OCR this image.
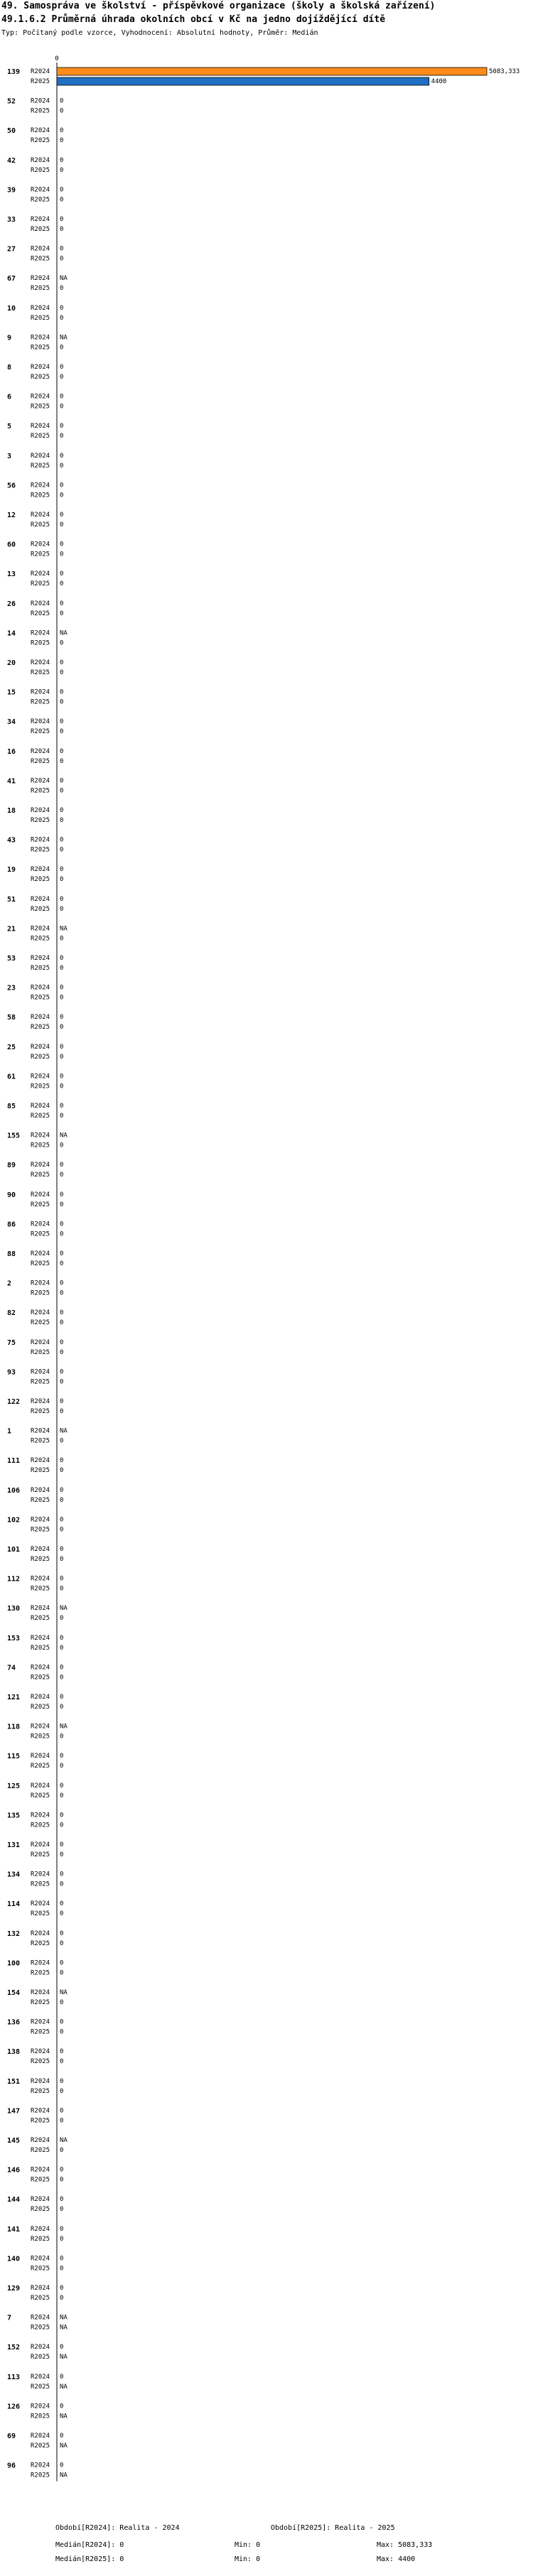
49. Samospráva ve školství - příspěvkové organizace (školy a školská zařízení)
49.1.6.2 Průměrná úhrada okolních obcí v Kč na jedno dojíždějící dítě
Typ: Počítaný podle vzorce, Vyhodnocení: Absolutní hodnoty, Průměr: Medián
0
139 R2024	5083,333
R2025	4400
52 R2024 0
R2025 0
50 R2024 0
R2025 0
42 R2024 0
R2025 0
39 R2024 0
R2025 0
33 R2024 0
R2025 0
27 R2024 0
R2025 0
67 R2024 NA
R2025 0
10 R2024 0
R2025 0
9	R2024 NA
R2025 0
8	R2024 0
R2025 0
6	R2024 0
R2025 0
5	R2024 0
R2025 0
3	R2024 0
R2025 0
56 R2024 0
R2025 0
12 R2024 0
R2025 0
60 R2024 0
R2025 0
13 R2024 0
R2025 0
26 R2024 0
R2025 0
14 R2024 NA
R2025 0
20 R2024 0
R2025 0
15 R2024 0
R2025 0
34 R2024 0
R2025 0
16 R2024 0
R2025 0
41 R2024 0
R2025 0
18 R2024 0
R2025 0
43 R2024 0
R2025 0
19 R2024 0
R2025 0
51 R2024 0
R2025 0
21 R2024 NA
R2025 0
53 R2024 0
R2025 0
23 R2024 0
R2025 0
58 R2024 0
R2025 0
25 R2024 0
R2025 0
61 R2024 0
R2025 0
85 R2024 0
R2025 0
155 R2024 NA
R2025 0
89 R2024 0
R2025 0
90 R2024 0
R2025 0
86 R2024 0
R2025 0
88 R2024 0
R2025 0
2	R2024 0
R2025 0
82 R2024 0
R2025 0
75 R2024 0
R2025 0
93 R2024 0
R2025 0
122 R2024 0
R2025 0
1	R2024 NA
R2025 0
111 R2024 0
R2025 0
106 R2024 0
R2025 0
102 R2024 0
R2025 0
101 R2024 0
R2025 0
112 R2024 0
R2025 0
130 R2024 NA
R2025 0
153 R2024 0
R2025 0
74 R2024 0
R2025 0
121 R2024 0
R2025 0
118 R2024 NA
R2025 0
115 R2024 0
R2025 0
125 R2024 0
R2025 0
135 R2024 0
R2025 0
131 R2024 0
R2025 0
134 R2024 0
R2025 0
114 R2024 0
R2025 0
132 R2024 0
R2025 0
100 R2024 0
R2025 0
154 R2024 NA
R2025 0
136 R2024 0
R2025 0
138 R2024 0
R2025 0
151 R2024 0
R2025 0
147 R2024 0
R2025 0
145 R2024 NA
R2025 0
146 R2024 0
R2025 0
144 R2024 0
R2025 0
141 R2024 0
R2025 0
140 R2024 0
R2025 0
129 R2024 0
R2025 0
7	R2024 NA
R2025 NA
152 R2024 0
R2025 NA
113 R2024 0
R2025 NA
126 R2024 0
R2025 NA
69 R2024 0
R2025 NA
96 R2024 0
R2025 NA
Období[R2024]: Realita - 2024	Období[R2025]: Realita - 2025
Medián[R2024]: 0	Min: 0	Max: 5083,333
Medián[R2025]: 0	Min: 0	Max: 4400
